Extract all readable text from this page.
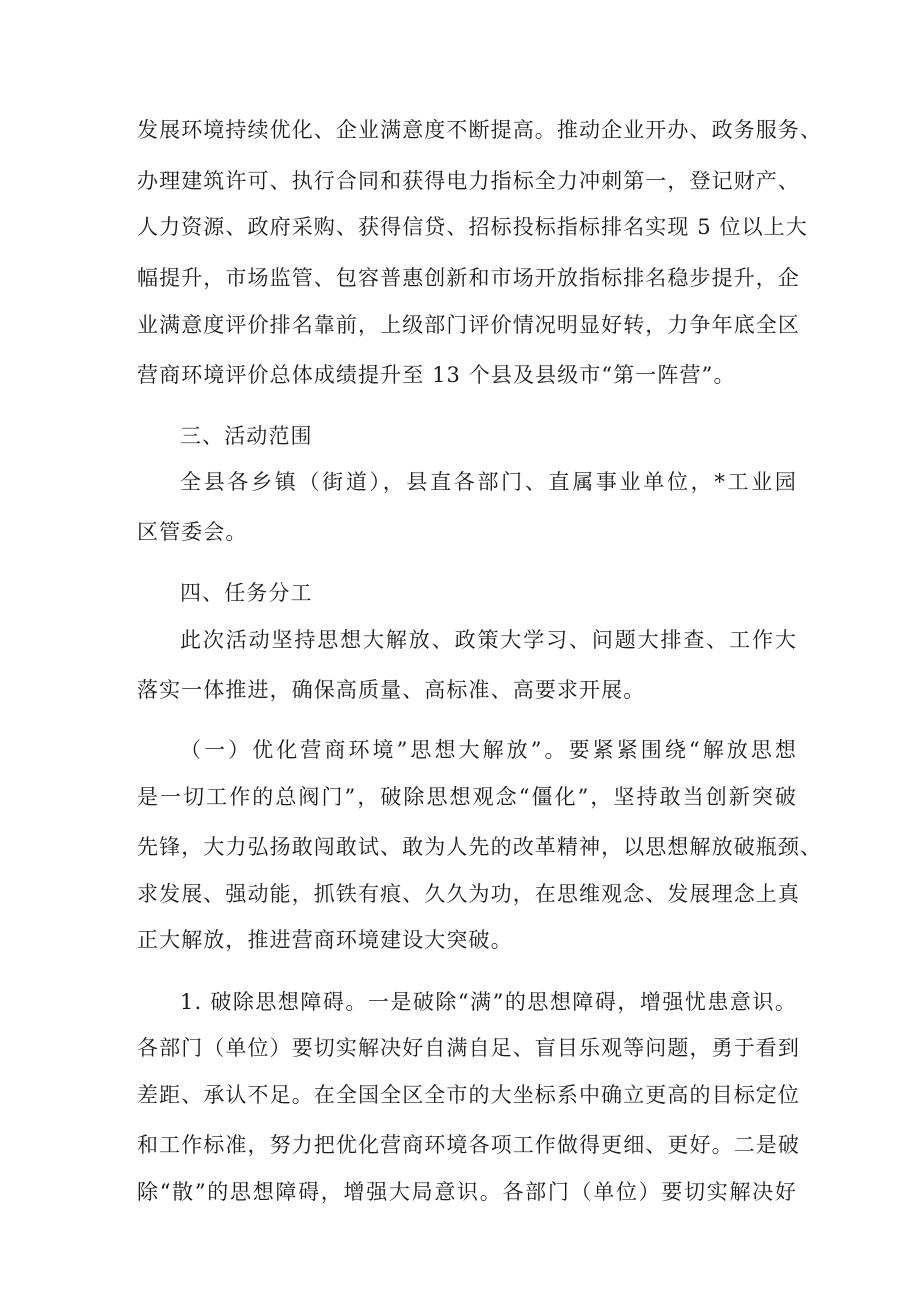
发展环境持续优化、企业满意度不断提高。推动企业开办、政务服务、
办理建筑许可、执行合同和获得电力指标全力冲刺第一，登记财产、
人力资源、政府采购、获得信贷、招标投标指标排名实现 5 位以上大
幅提升，市场监管、包容普惠创新和市场开放指标排名稳步提升，企
业满意度评价排名靠前，上级部门评价情况明显好转，力争年底全区
营商环境评价总体成绩提升至 13 个县及县级市“第一阵营”。
三、活动范围
全县各乡镇（街道），县直各部门、直属事业单位，*工业园
区管委会。
四、任务分工
此次活动坚持思想大解放、政策大学习、问题大排查、工作大
落实一体推进，确保高质量、高标准、高要求开展。
（一）优化营商环境”思想大解放”。要紧紧围绕“解放思想
是一切工作的总阀门”，破除思想观念“僵化”，坚持敢当创新突破
先锋，大力弘扬敢闯敢试、敢为人先的改革精神，以思想解放破瓶颈、
求发展、强动能，抓铁有痕、久久为功，在思维观念、发展理念上真
正大解放，推进营商环境建设大突破。
1. 破除思想障碍。一是破除“满”的思想障碍，增强忧患意识。
各部门（单位）要切实解决好自满自足、盲目乐观等问题，勇于看到
差距、承认不足。在全国全区全市的大坐标系中确立更高的目标定位
和工作标准，努力把优化营商环境各项工作做得更细、更好。二是破
除“散”的思想障碍，增强大局意识。各部门（单位）要切实解决好
